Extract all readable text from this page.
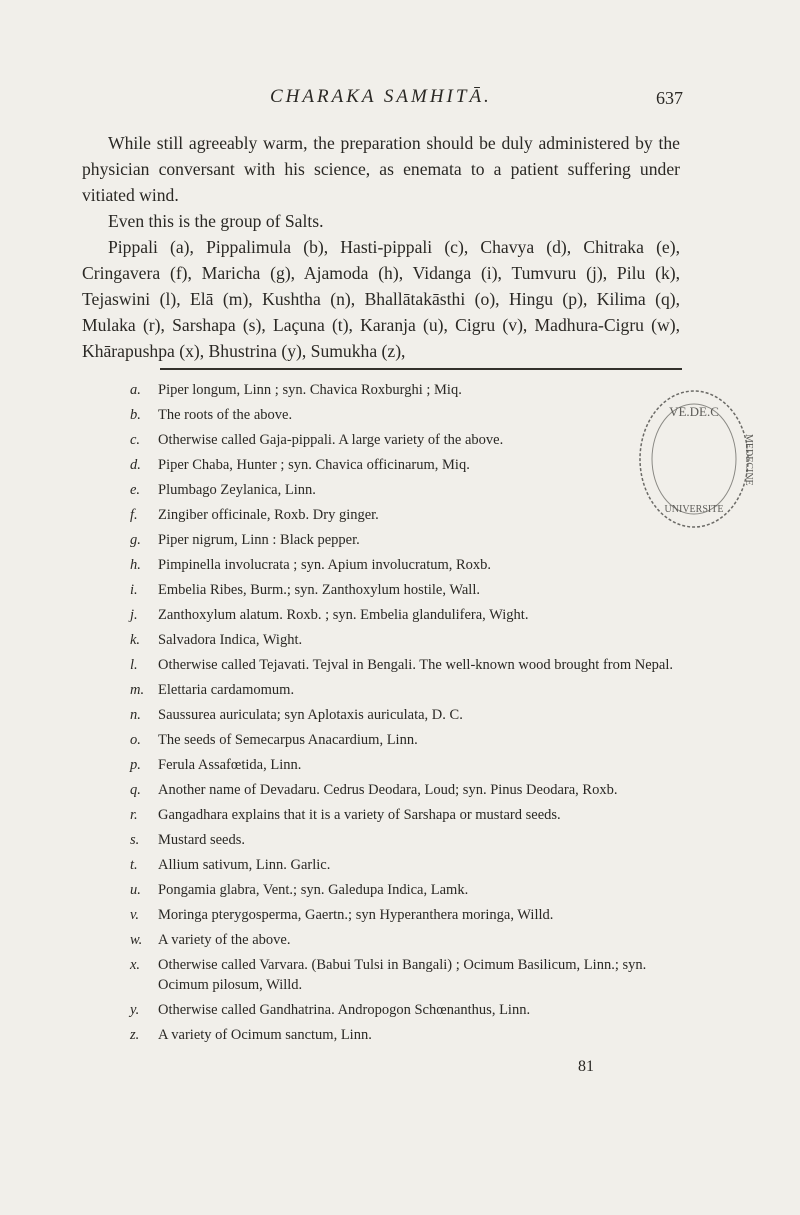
CHARAKA SAMHITĀ.	637

While still agreeably warm, the preparation should be duly administered by the physician conversant with his science, as enemata to a patient suffering under vitiated wind.

Even this is the group of Salts.

Pippali (a), Pippalimula (b), Hasti-pippali (c), Chavya (d), Chitraka (e), Cringavera (f), Maricha (g), Ajamoda (h), Vidanga (i), Tumvuru (j), Pilu (k), Tejaswini (l), Elā (m), Kushtha (n), Bhallātakāsthi (o), Hingu (p), Kilima (q), Mulaka (r), Sarshapa (s), Laçuna (t), Karanja (u), Cigru (v), Madhura-Cigru (w), Khārapushpa (x), Bhustrina (y), Sumukha (z),

VE.DE.C
UNIVERSITE
MEDECINE
a. Piper longum, Linn ; syn. Chavica Roxburghi ; Miq.
b. The roots of the above.
c. Otherwise called Gaja-pippali. A large variety of the above.
d. Piper Chaba, Hunter ; syn. Chavica officinarum, Miq.
e. Plumbago Zeylanica, Linn.
f. Zingiber officinale, Roxb. Dry ginger.
g. Piper nigrum, Linn : Black pepper.
h. Pimpinella involucrata ; syn. Apium involucratum, Roxb.
i. Embelia Ribes, Burm.; syn. Zanthoxylum hostile, Wall.
j. Zanthoxylum alatum. Roxb. ; syn. Embelia glandulifera, Wight.
k. Salvadora Indica, Wight.
l. Otherwise called Tejavati. Tejval in Bengali. The well-known wood brought from Nepal.
m. Elettaria cardamomum.
n. Saussurea auriculata; syn Aplotaxis auriculata, D. C.
o. The seeds of Semecarpus Anacardium, Linn.
p. Ferula Assafœtida, Linn.
q. Another name of Devadaru. Cedrus Deodara, Loud; syn. Pinus Deodara, Roxb.
r. Gangadhara explains that it is a variety of Sarshapa or mustard seeds.
s. Mustard seeds.
t. Allium sativum, Linn. Garlic.
u. Pongamia glabra, Vent.; syn. Galedupa Indica, Lamk.
v. Moringa pterygosperma, Gaertn.; syn Hyperanthera moringa, Willd.
w. A variety of the above.
x. Otherwise called Varvara. (Babui Tulsi in Bangali) ; Ocimum Basilicum, Linn.; syn. Ocimum pilosum, Willd.
y. Otherwise called Gandhatrina. Andropogon Schœnanthus, Linn.
z. A variety of Ocimum sanctum, Linn.
81
